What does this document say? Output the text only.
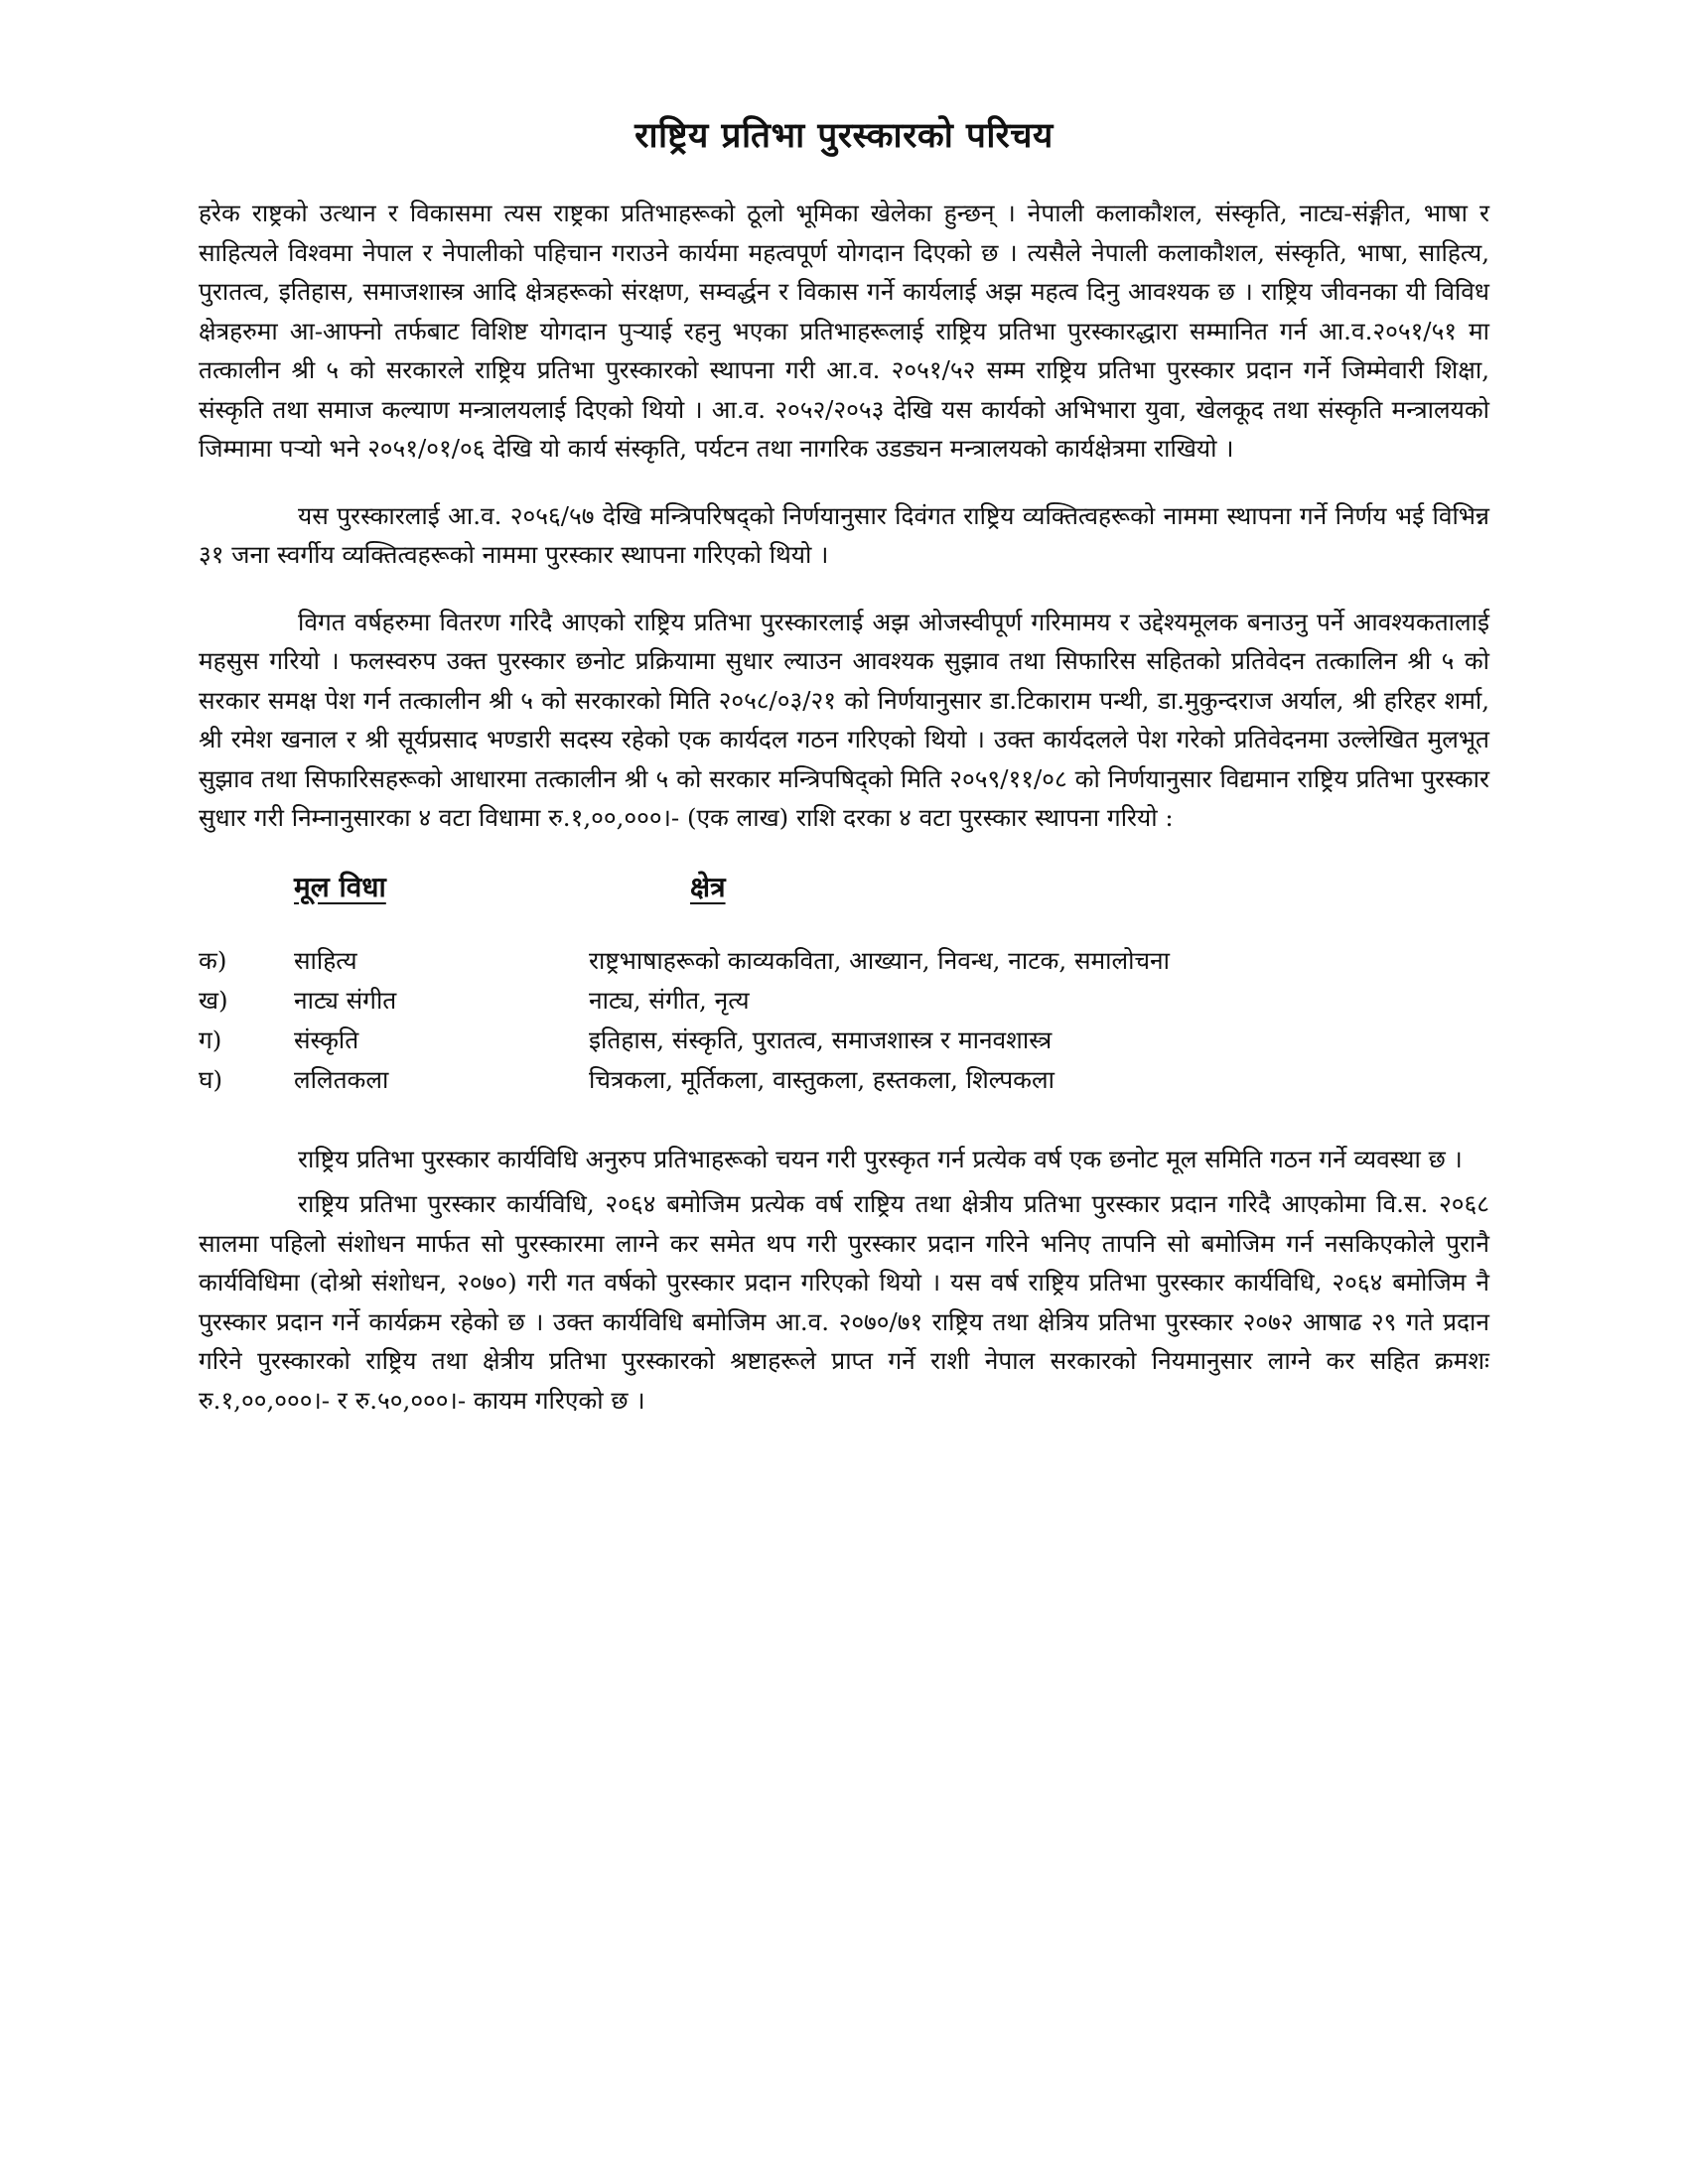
राष्ट्रिय प्रतिभा पुरस्कारको परिचय

हरेक राष्ट्रको उत्थान र विकासमा त्यस राष्ट्रका प्रतिभाहरूको ठूलो भूमिका खेलेका हुन्छन् । नेपाली कलाकौशल, संस्कृति, नाट्य-संङ्गीत, भाषा र साहित्यले विश्वमा नेपाल र नेपालीको पहिचान गराउने कार्यमा महत्वपूर्ण योगदान दिएको छ । त्यसैले नेपाली कलाकौशल, संस्कृति, भाषा, साहित्य, पुरातत्व, इतिहास, समाजशास्त्र आदि क्षेत्रहरूको संरक्षण, सम्वर्द्धन र विकास गर्ने कार्यलाई अझ महत्व दिनु आवश्यक छ । राष्ट्रिय जीवनका यी विविध क्षेत्रहरुमा आ-आफ्नो तर्फबाट विशिष्ट योगदान पुर्‍याई रहनु भएका प्रतिभाहरूलाई राष्ट्रिय प्रतिभा पुरस्कारद्धारा सम्मानित गर्न आ.व.२०५१/५१ मा तत्कालीन श्री ५ को सरकारले राष्ट्रिय प्रतिभा पुरस्कारको स्थापना गरी आ.व. २०५१/५२ सम्म राष्ट्रिय प्रतिभा पुरस्कार प्रदान गर्ने जिम्मेवारी शिक्षा, संस्कृति तथा समाज कल्याण मन्त्रालयलाई दिएको थियो । आ.व. २०५२/२०५३ देखि यस कार्यको अभिभारा युवा, खेलकूद तथा संस्कृति मन्त्रालयको जिम्मामा पर्‍यो भने २०५१/०१/०६ देखि यो कार्य संस्कृति, पर्यटन तथा नागरिक उडड्यन मन्त्रालयको कार्यक्षेत्रमा राखियो ।

यस पुरस्कारलाई आ.व. २०५६/५७ देखि मन्त्रिपरिषद्को निर्णयानुसार दिवंगत राष्ट्रिय व्यक्तित्वहरूको नाममा स्थापना गर्ने निर्णय भई विभिन्न ३१ जना स्वर्गीय व्यक्तित्वहरूको नाममा पुरस्कार स्थापना गरिएको थियो ।

विगत वर्षहरुमा वितरण गरिदै आएको राष्ट्रिय प्रतिभा पुरस्कारलाई अझ ओजस्वीपूर्ण गरिमामय र उद्देश्यमूलक बनाउनु पर्ने आवश्यकतालाई महसुस गरियो । फलस्वरुप उक्त पुरस्कार छनोट प्रक्रियामा सुधार ल्याउन आवश्यक सुझाव तथा सिफारिस सहितको प्रतिवेदन तत्कालिन श्री ५ को सरकार समक्ष पेश गर्न तत्कालीन श्री ५ को सरकारको मिति २०५८/०३/२१ को निर्णयानुसार डा.टिकाराम पन्थी, डा.मुकुन्दराज अर्याल, श्री हरिहर शर्मा, श्री रमेश खनाल र श्री सूर्यप्रसाद भण्डारी सदस्य रहेको एक कार्यदल गठन गरिएको थियो । उक्त कार्यदलले पेश गरेको प्रतिवेदनमा उल्लेखित मुलभूत सुझाव तथा सिफारिसहरूको आधारमा तत्कालीन श्री ५ को सरकार मन्त्रिपषिद्को मिति २०५९/११/०८ को निर्णयानुसार विद्यमान राष्ट्रिय प्रतिभा पुरस्कार सुधार गरी निम्नानुसारका ४ वटा विधामा रु.१,००,०००।- (एक लाख) राशि दरका ४ वटा पुरस्कार स्थापना गरियो :

मूल विधा	क्षेत्र
क)	साहित्य	राष्ट्रभाषाहरूको काव्यकविता, आख्यान, निवन्ध, नाटक, समालोचना
ख)	नाट्य संगीत	नाट्य, संगीत, नृत्य
ग)	संस्कृति	इतिहास, संस्कृति, पुरातत्व, समाजशास्त्र र मानवशास्त्र
घ)	ललितकला	चित्रकला, मूर्तिकला, वास्तुकला, हस्तकला, शिल्पकला

राष्ट्रिय प्रतिभा पुरस्कार कार्यविधि अनुरुप प्रतिभाहरूको चयन गरी पुरस्कृत गर्न प्रत्येक वर्ष एक छनोट मूल समिति गठन गर्ने व्यवस्था छ ।

राष्ट्रिय प्रतिभा पुरस्कार कार्यविधि, २०६४ बमोजिम प्रत्येक वर्ष राष्ट्रिय तथा क्षेत्रीय प्रतिभा पुरस्कार प्रदान गरिदै आएकोमा वि.स. २०६८ सालमा पहिलो संशोधन मार्फत सो पुरस्कारमा लाग्ने कर समेत थप गरी पुरस्कार प्रदान गरिने भनिए तापनि सो बमोजिम गर्न नसकिएकोले पुरानै कार्यविधिमा (दोश्रो संशोधन, २०७०) गरी गत वर्षको पुरस्कार प्रदान गरिएको थियो । यस वर्ष राष्ट्रिय प्रतिभा पुरस्कार कार्यविधि, २०६४ बमोजिम नै पुरस्कार प्रदान गर्ने कार्यक्रम रहेको छ । उक्त कार्यविधि बमोजिम आ.व. २०७०/७१ राष्ट्रिय तथा क्षेत्रिय प्रतिभा पुरस्कार २०७२ आषाढ २९ गते प्रदान गरिने पुरस्कारको राष्ट्रिय तथा क्षेत्रीय प्रतिभा पुरस्कारको श्रष्टाहरूले प्राप्त गर्ने राशी नेपाल सरकारको नियमानुसार लाग्ने कर सहित क्रमशः रु.१,००,०००।- र रु.५०,०००।- कायम गरिएको छ ।
